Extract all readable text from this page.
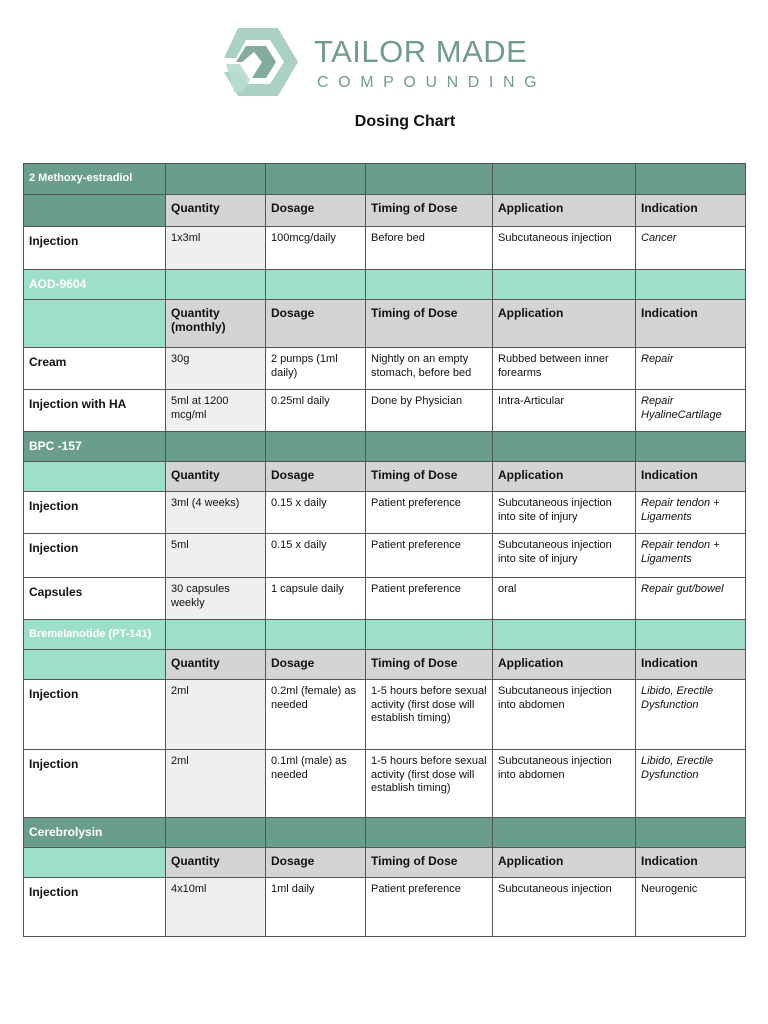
TAILOR MADE
COMPOUNDING
Dosing Chart
2 Methoxy-estradiol					
	Quantity	Dosage	Timing of Dose	Application	Indication
Injection	1x3ml	100mcg/daily	Before bed	Subcutaneous injection	Cancer
AOD-9604					
	Quantity (monthly)	Dosage	Timing of Dose	Application	Indication
Cream	30g	2 pumps (1ml daily)	Nightly on an empty stomach, before bed	Rubbed between inner forearms	Repair
Injection with HA	5ml at 1200 mcg/ml	0.25ml daily	Done by Physician	Intra-Articular	Repair HyalineCartilage
BPC -157					
	Quantity	Dosage	Timing of Dose	Application	Indication
Injection	3ml (4 weeks)	0.15 x daily	Patient preference	Subcutaneous injection into site of injury	Repair tendon + Ligaments
Injection	5ml	0.15 x daily	Patient preference	Subcutaneous injection into site of injury	Repair tendon + Ligaments
Capsules	30 capsules weekly	1 capsule daily	Patient preference	oral	Repair gut/bowel
Bremelanotide (PT-141)					
	Quantity	Dosage	Timing of Dose	Application	Indication
Injection	2ml	0.2ml (female) as needed	1-5 hours before sexual activity (first dose will establish timing)	Subcutaneous injection into abdomen	Libido, Erectile Dysfunction
Injection	2ml	0.1ml (male) as needed	1-5 hours before sexual activity (first dose will establish timing)	Subcutaneous injection into abdomen	Libido, Erectile Dysfunction
Cerebrolysin					
	Quantity	Dosage	Timing of Dose	Application	Indication
Injection	4x10ml	1ml daily	Patient preference	Subcutaneous injection	Neurogenic
